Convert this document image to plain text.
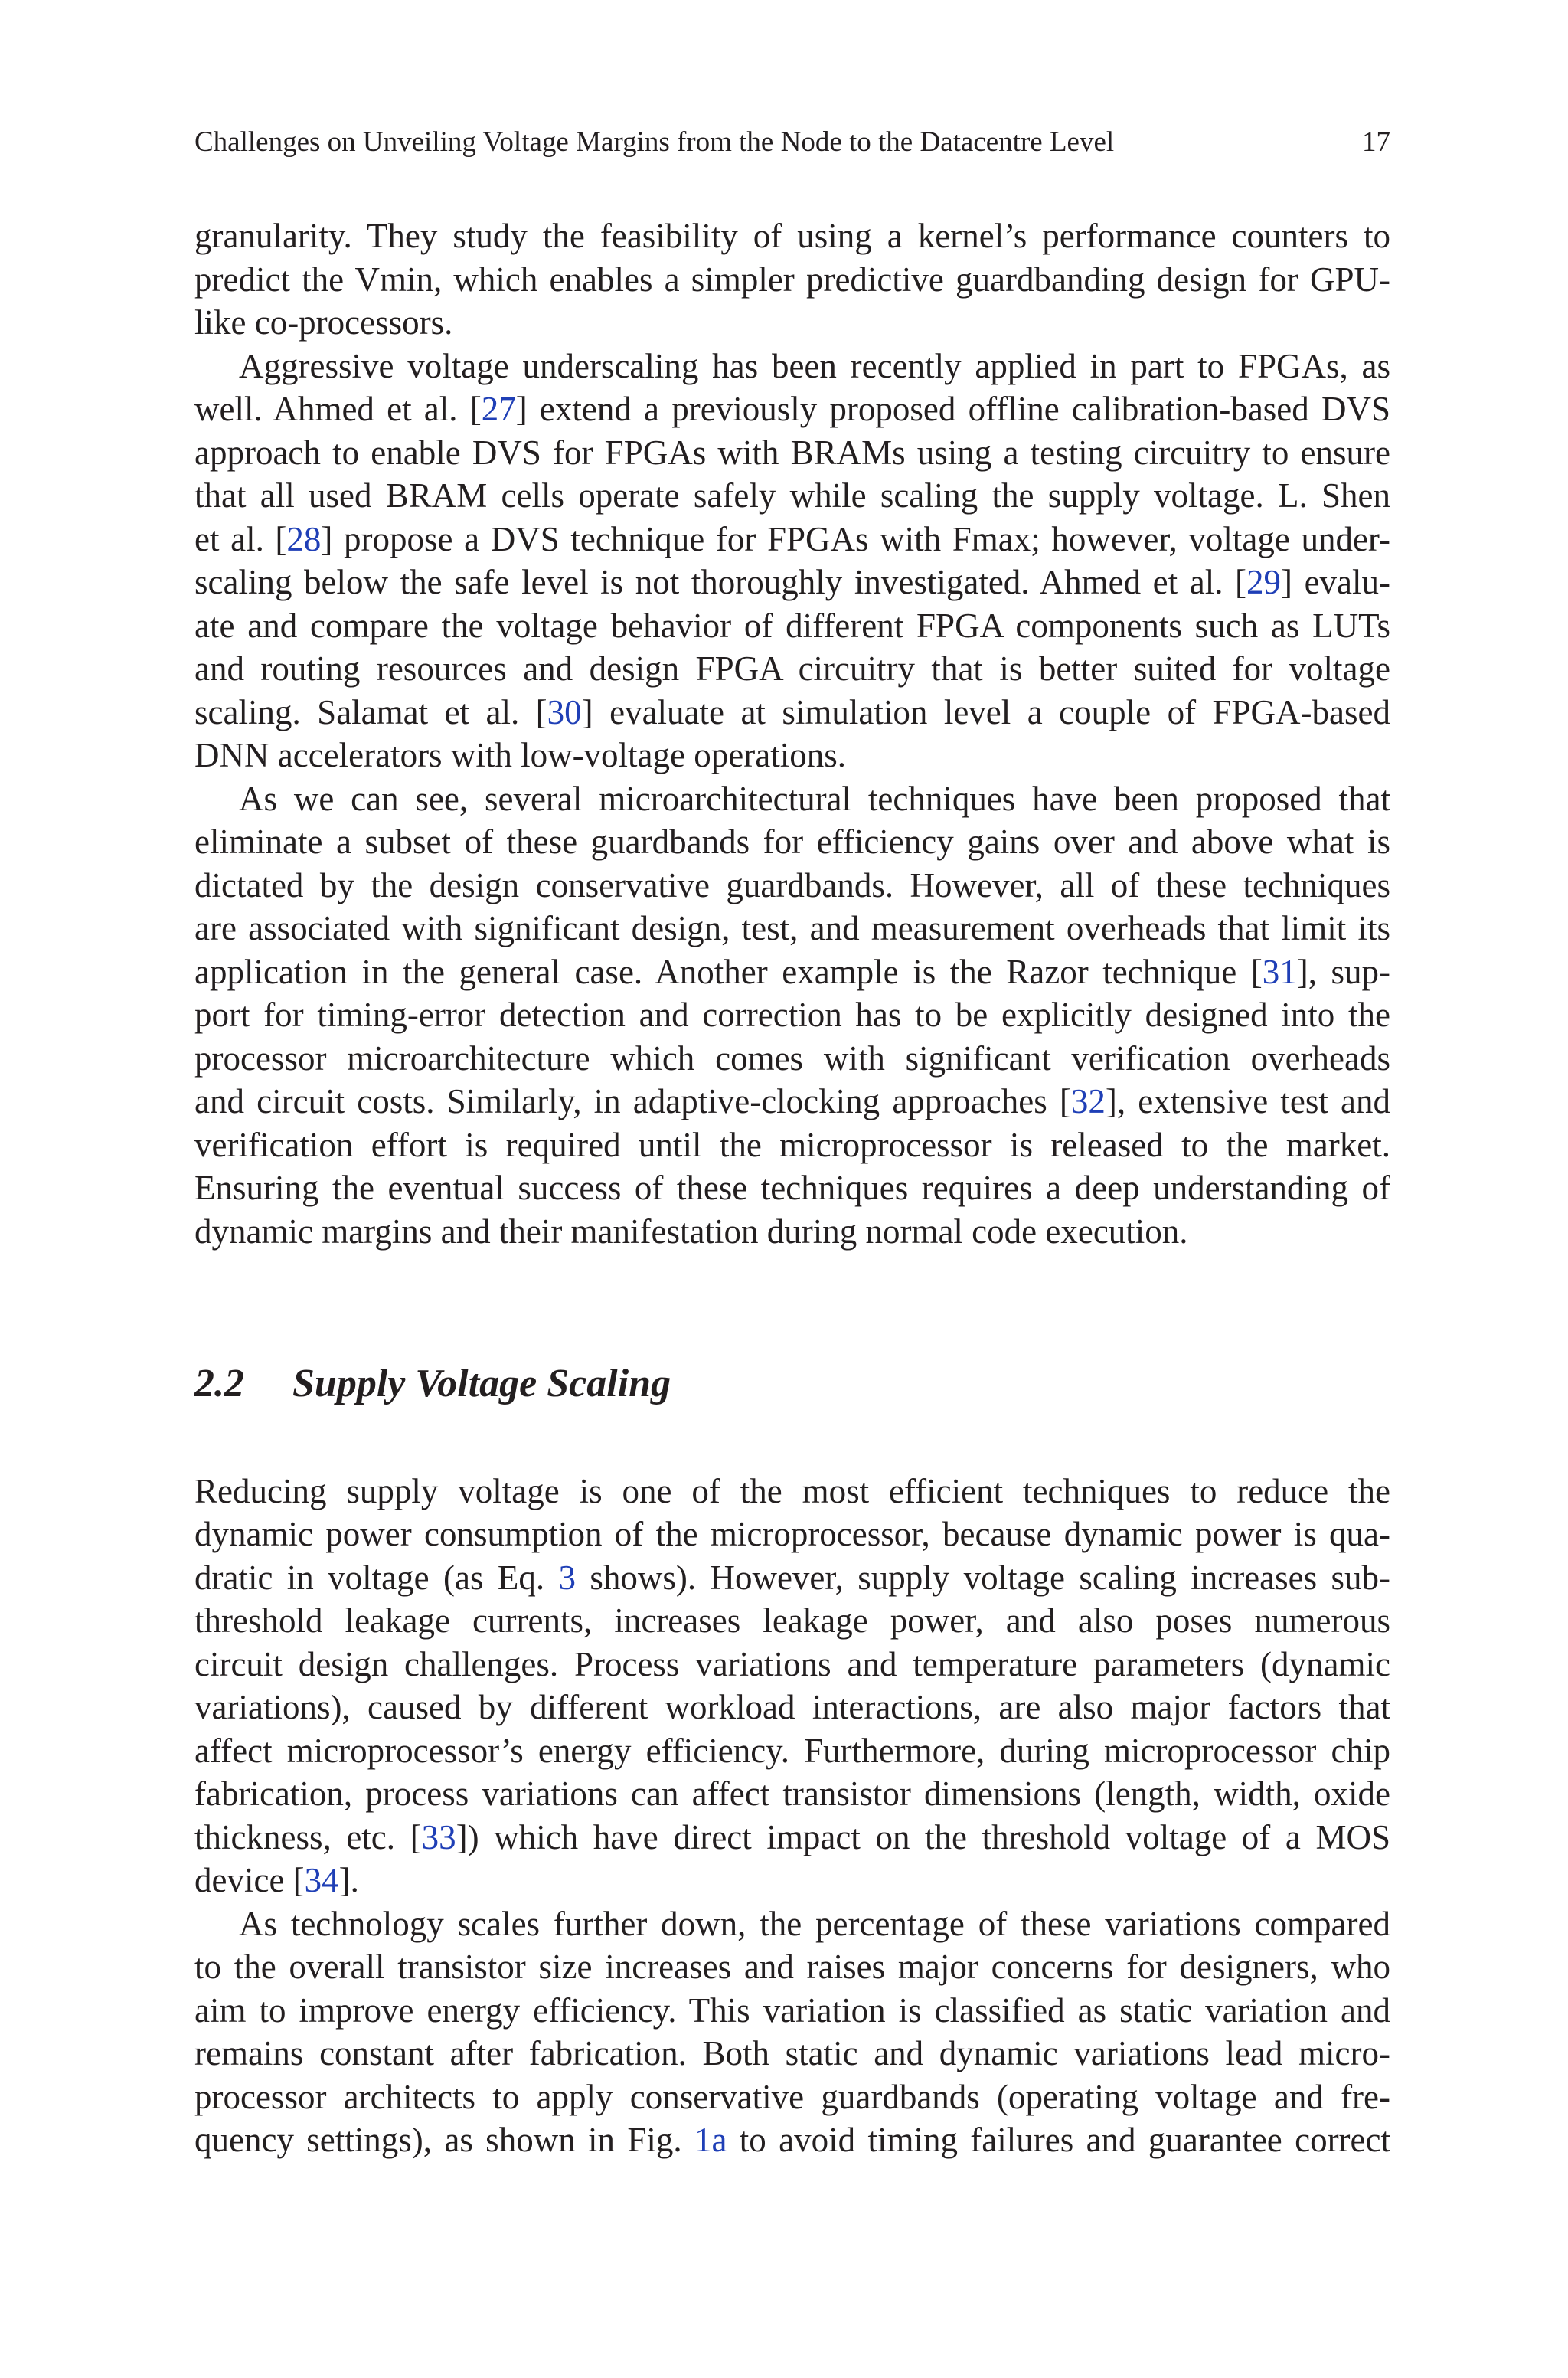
Challenges on Unveiling Voltage Margins from the Node to the Datacentre Level	17

granularity. They study the feasibility of using a kernel’s performance counters to
predict the Vmin, which enables a simpler predictive guardbanding design for GPU-
like co-processors.

Aggressive voltage underscaling has been recently applied in part to FPGAs, as
well. Ahmed et al. [27] extend a previously proposed offline calibration-based DVS
approach to enable DVS for FPGAs with BRAMs using a testing circuitry to ensure
that all used BRAM cells operate safely while scaling the supply voltage. L. Shen
et al. [28] propose a DVS technique for FPGAs with Fmax; however, voltage under-
scaling below the safe level is not thoroughly investigated. Ahmed et al. [29] evalu-
ate and compare the voltage behavior of different FPGA components such as LUTs
and routing resources and design FPGA circuitry that is better suited for voltage
scaling. Salamat et al. [30] evaluate at simulation level a couple of FPGA-based
DNN accelerators with low-voltage operations.

As we can see, several microarchitectural techniques have been proposed that
eliminate a subset of these guardbands for efficiency gains over and above what is
dictated by the design conservative guardbands. However, all of these techniques
are associated with significant design, test, and measurement overheads that limit its
application in the general case. Another example is the Razor technique [31], sup-
port for timing-error detection and correction has to be explicitly designed into the
processor microarchitecture which comes with significant verification overheads
and circuit costs. Similarly, in adaptive-clocking approaches [32], extensive test and
verification effort is required until the microprocessor is released to the market.
Ensuring the eventual success of these techniques requires a deep understanding of
dynamic margins and their manifestation during normal code execution.

2.2 Supply Voltage Scaling

Reducing supply voltage is one of the most efficient techniques to reduce the
dynamic power consumption of the microprocessor, because dynamic power is qua-
dratic in voltage (as Eq. 3 shows). However, supply voltage scaling increases sub-
threshold leakage currents, increases leakage power, and also poses numerous
circuit design challenges. Process variations and temperature parameters (dynamic
variations), caused by different workload interactions, are also major factors that
affect microprocessor’s energy efficiency. Furthermore, during microprocessor chip
fabrication, process variations can affect transistor dimensions (length, width, oxide
thickness, etc. [33]) which have direct impact on the threshold voltage of a MOS
device [34].

As technology scales further down, the percentage of these variations compared
to the overall transistor size increases and raises major concerns for designers, who
aim to improve energy efficiency. This variation is classified as static variation and
remains constant after fabrication. Both static and dynamic variations lead micro-
processor architects to apply conservative guardbands (operating voltage and fre-
quency settings), as shown in Fig. 1a to avoid timing failures and guarantee correct
